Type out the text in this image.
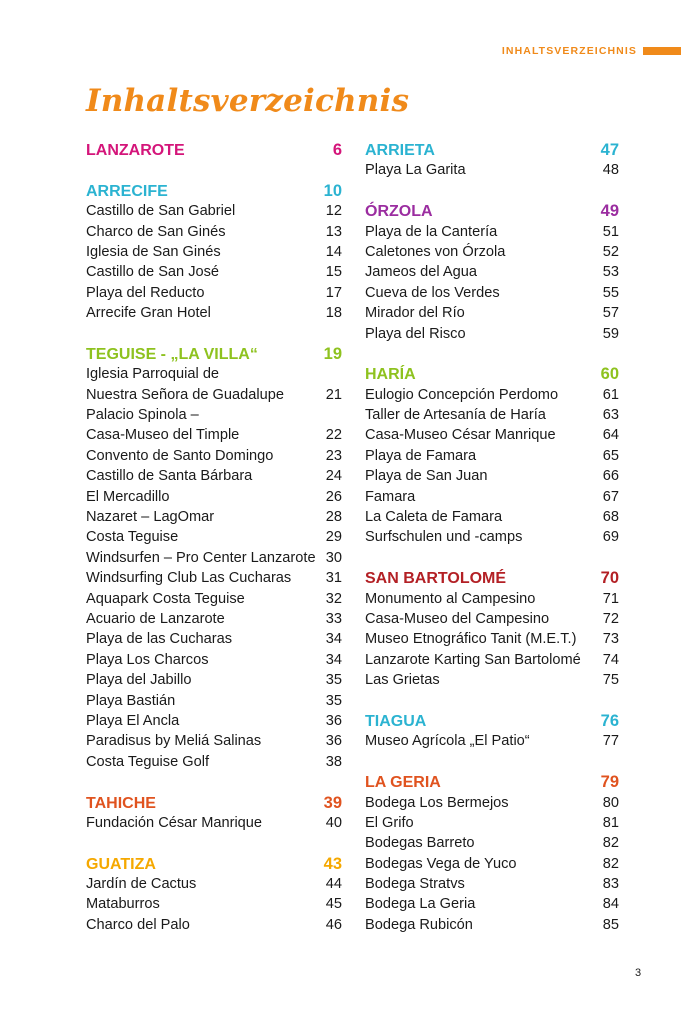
INHALTSVERZEICHNIS
Inhaltsverzeichnis
LANZAROTE	6
ARRECIFE	10
Castillo de San Gabriel	12
Charco de San Ginés	13
Iglesia de San Ginés	14
Castillo de San José	15
Playa del Reducto	17
Arrecife Gran Hotel	18
TEGUISE - „LA VILLA“	19
Iglesia Parroquial de
Nuestra Señora de Guadalupe	21
Palacio Spinola –
Casa-Museo del Timple	22
Convento de Santo Domingo	23
Castillo de Santa Bárbara	24
El Mercadillo	26
Nazaret – LagOmar	28
Costa Teguise	29
Windsurfen – Pro Center Lanzarote 30
Windsurfing Club Las Cucharas 31
Aquapark Costa Teguise	32
Acuario de Lanzarote	33
Playa de las Cucharas	34
Playa Los Charcos	34
Playa del Jabillo	35
Playa Bastián	35
Playa El Ancla	36
Paradisus by Meliá Salinas	36
Costa Teguise Golf	38
TAHICHE	39
Fundación César Manrique	40
GUATIZA	43
Jardín de Cactus	44
Mataburros	45
Charco del Palo	46
ARRIETA	47
Playa La Garita	48
ÓRZOLA	49
Playa de la Cantería	51
Caletones von Órzola	52
Jameos del Agua	53
Cueva de los Verdes	55
Mirador del Río	57
Playa del Risco	59
HARÍA	60
Eulogio Concepción Perdomo	61
Taller de Artesanía de Haría	63
Casa-Museo César Manrique	64
Playa de Famara	65
Playa de San Juan	66
Famara	67
La Caleta de Famara	68
Surfschulen und -camps	69
SAN BARTOLOMÉ	70
Monumento al Campesino	71
Casa-Museo del Campesino	72
Museo Etnográfico Tanit (M.E.T.) 73
Lanzarote Karting San Bartolomé 74
Las Grietas	75
TIAGUA	76
Museo Agrícola „El Patio“	77
LA GERIA	79
Bodega Los Bermejos	80
El Grifo	81
Bodegas Barreto	82
Bodegas Vega de Yuco	82
Bodega Stratvs	83
Bodega La Geria	84
Bodega Rubicón	85
3
